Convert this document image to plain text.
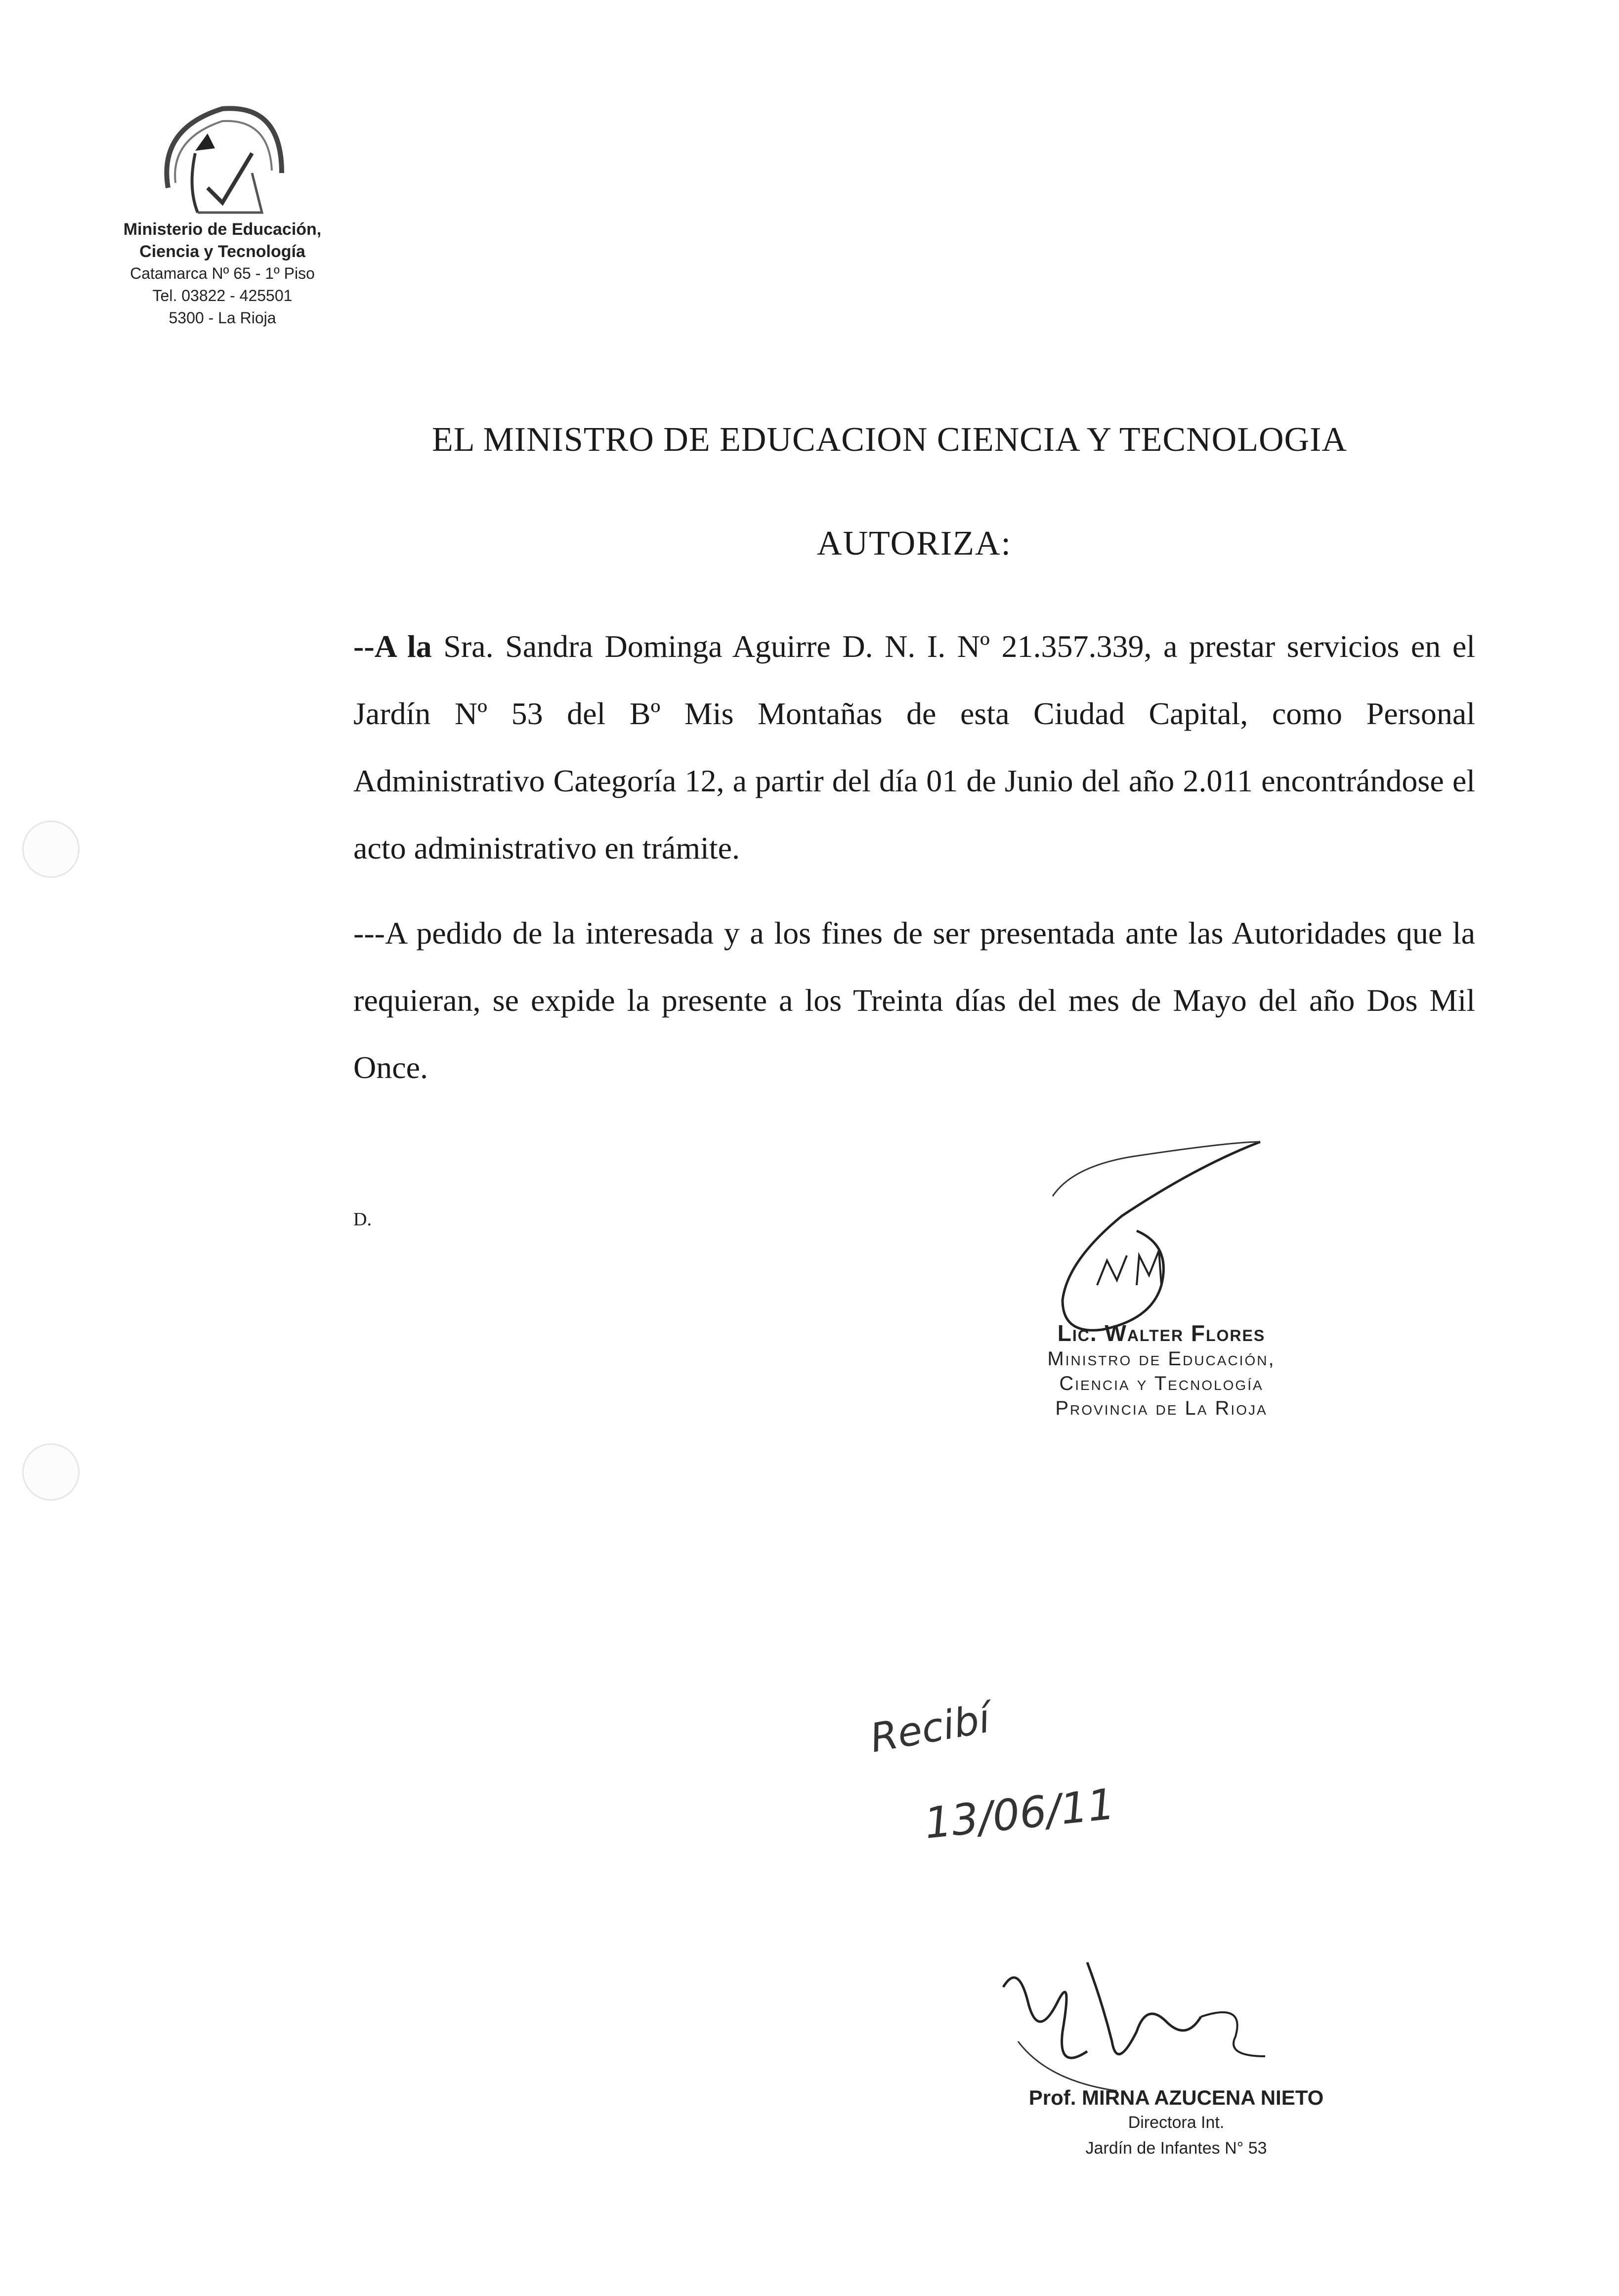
Ministerio de Educación,
Ciencia y Tecnología
Catamarca Nº 65 - 1º Piso
Tel. 03822 - 425501
5300 - La Rioja
EL MINISTRO DE EDUCACION CIENCIA Y TECNOLOGIA
AUTORIZA:
--A la Sra. Sandra Dominga Aguirre D. N. I. Nº 21.357.339, a prestar servicios en el Jardín Nº 53 del Bº Mis Montañas de esta Ciudad Capital, como Personal Administrativo Categoría 12, a partir del día 01 de Junio del año 2.011 encontrándose el acto administrativo en trámite.
---A pedido de la interesada y a los fines de ser presentada ante las Autoridades que la requieran, se expide la presente a los Treinta días del mes de Mayo del año Dos Mil Once.
D.
Lic. Walter Flores
Ministro de Educación,
Ciencia y Tecnología
Provincia de La Rioja
Recibí
13/06/11
Prof. MIRNA AZUCENA NIETO
Directora Int.
Jardín de Infantes N° 53
